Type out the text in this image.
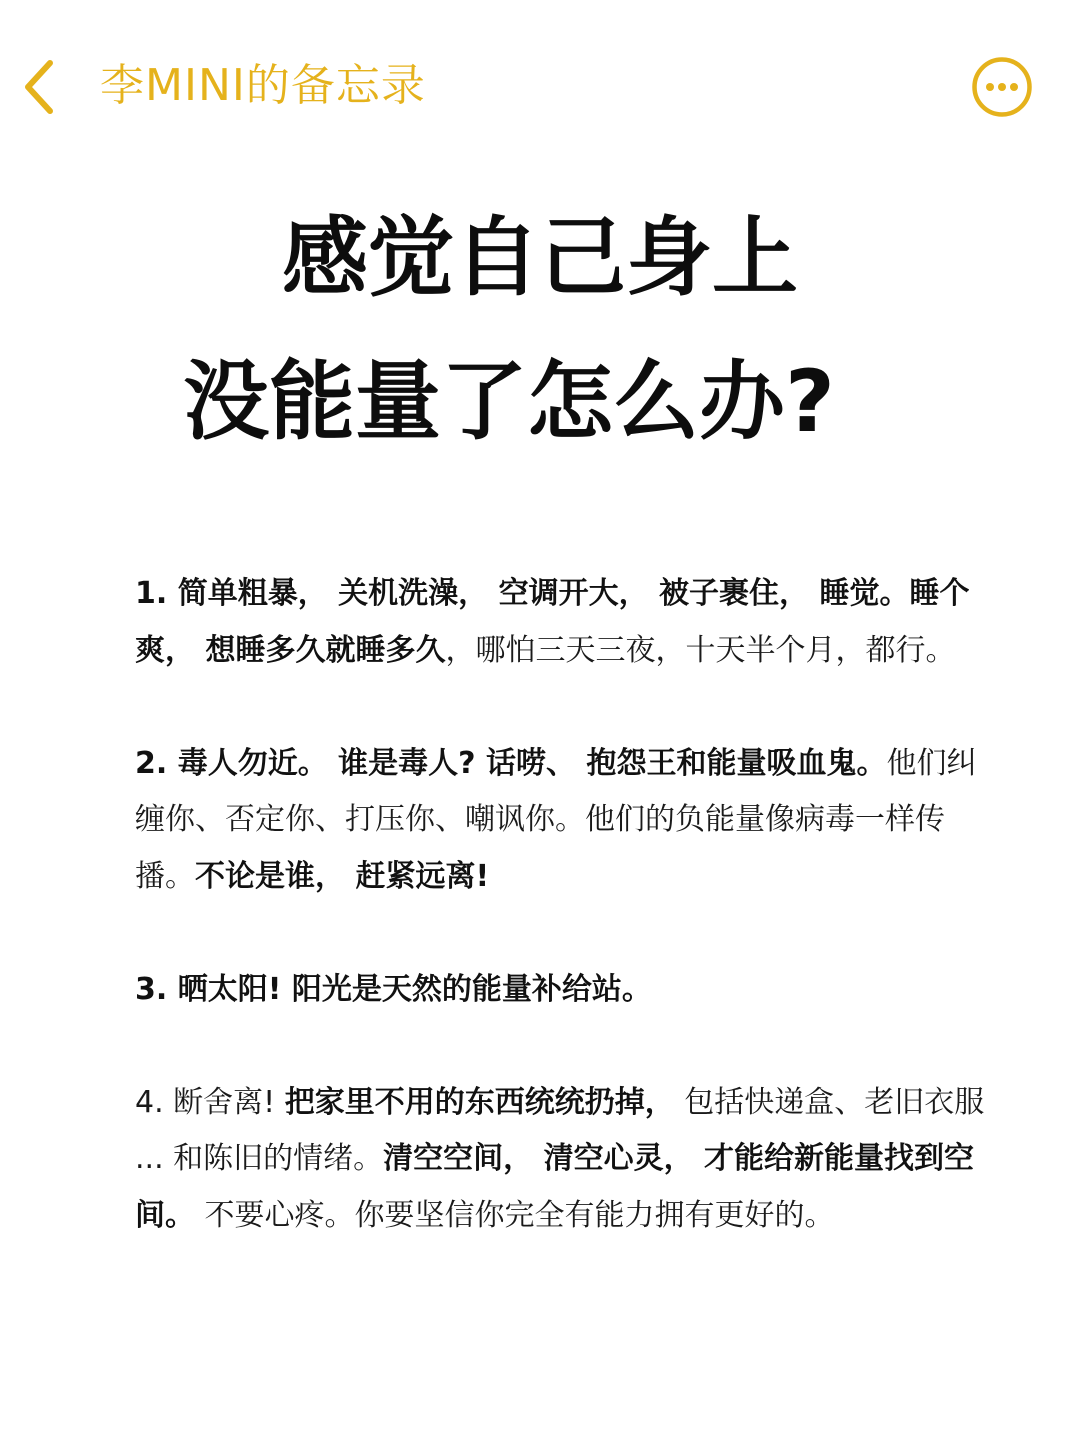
李MINI的备忘录
感觉自己身上
没能量了怎么办?

1. 简单粗暴， 关机洗澡， 空调开大， 被子裹住， 睡觉。睡个爽， 想睡多久就睡多久，哪怕三天三夜，十天半个月，都行。

2. 毒人勿近。 谁是毒人? 话唠、 抱怨王和能量吸血鬼。他们纠缠你、否定你、打压你、嘲讽你。他们的负能量像病毒一样传播。不论是谁， 赶紧远离!

3. 晒太阳! 阳光是天然的能量补给站。

4. 断舍离! 把家里不用的东西统统扔掉， 包括快递盒、老旧衣服 ... 和陈旧的情绪。清空空间， 清空心灵， 才能给新能量找到空间。 不要心疼。你要坚信你完全有能力拥有更好的。
